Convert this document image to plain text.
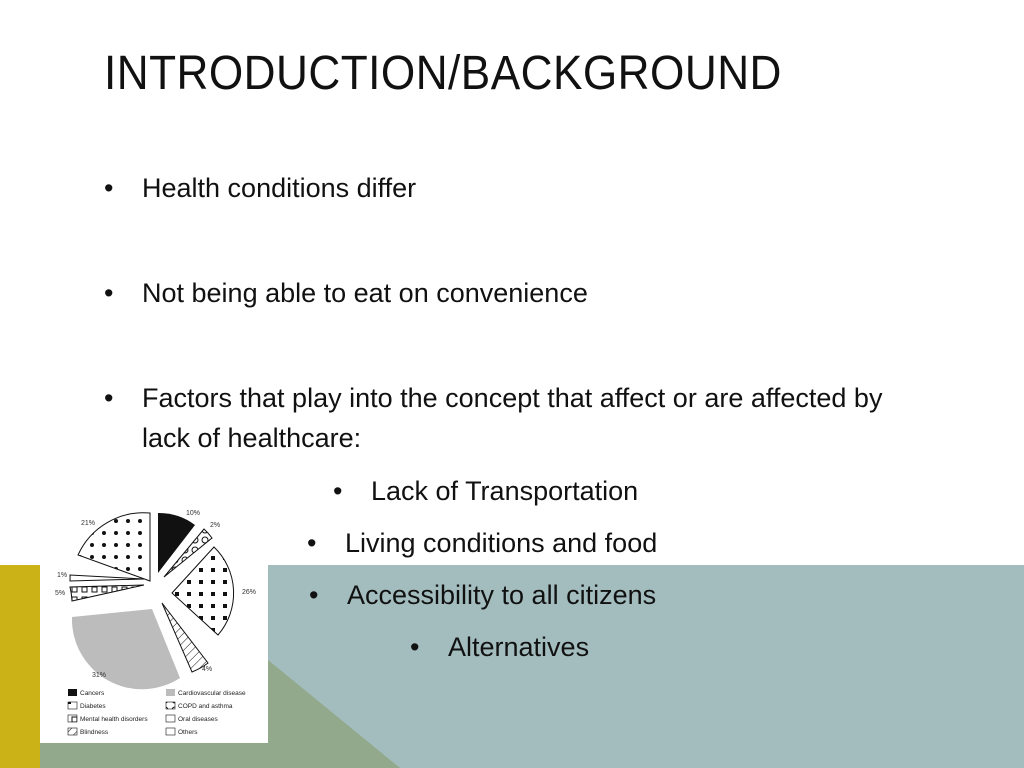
INTRODUCTION/BACKGROUND
• Health conditions differ
• Not being able to eat on convenience
• Factors that play into the concept that affect or are affected by lack of healthcare:
• Lack of Transportation
• Living conditions and food
• Accessibility to all citizens
• Alternatives
10%
2%
26%
4%
31%
5%
1%
21%
Cancers	Cardiovascular disease
Diabetes	COPD and asthma
Mental health disorders	Oral diseases
Blindness	Others
